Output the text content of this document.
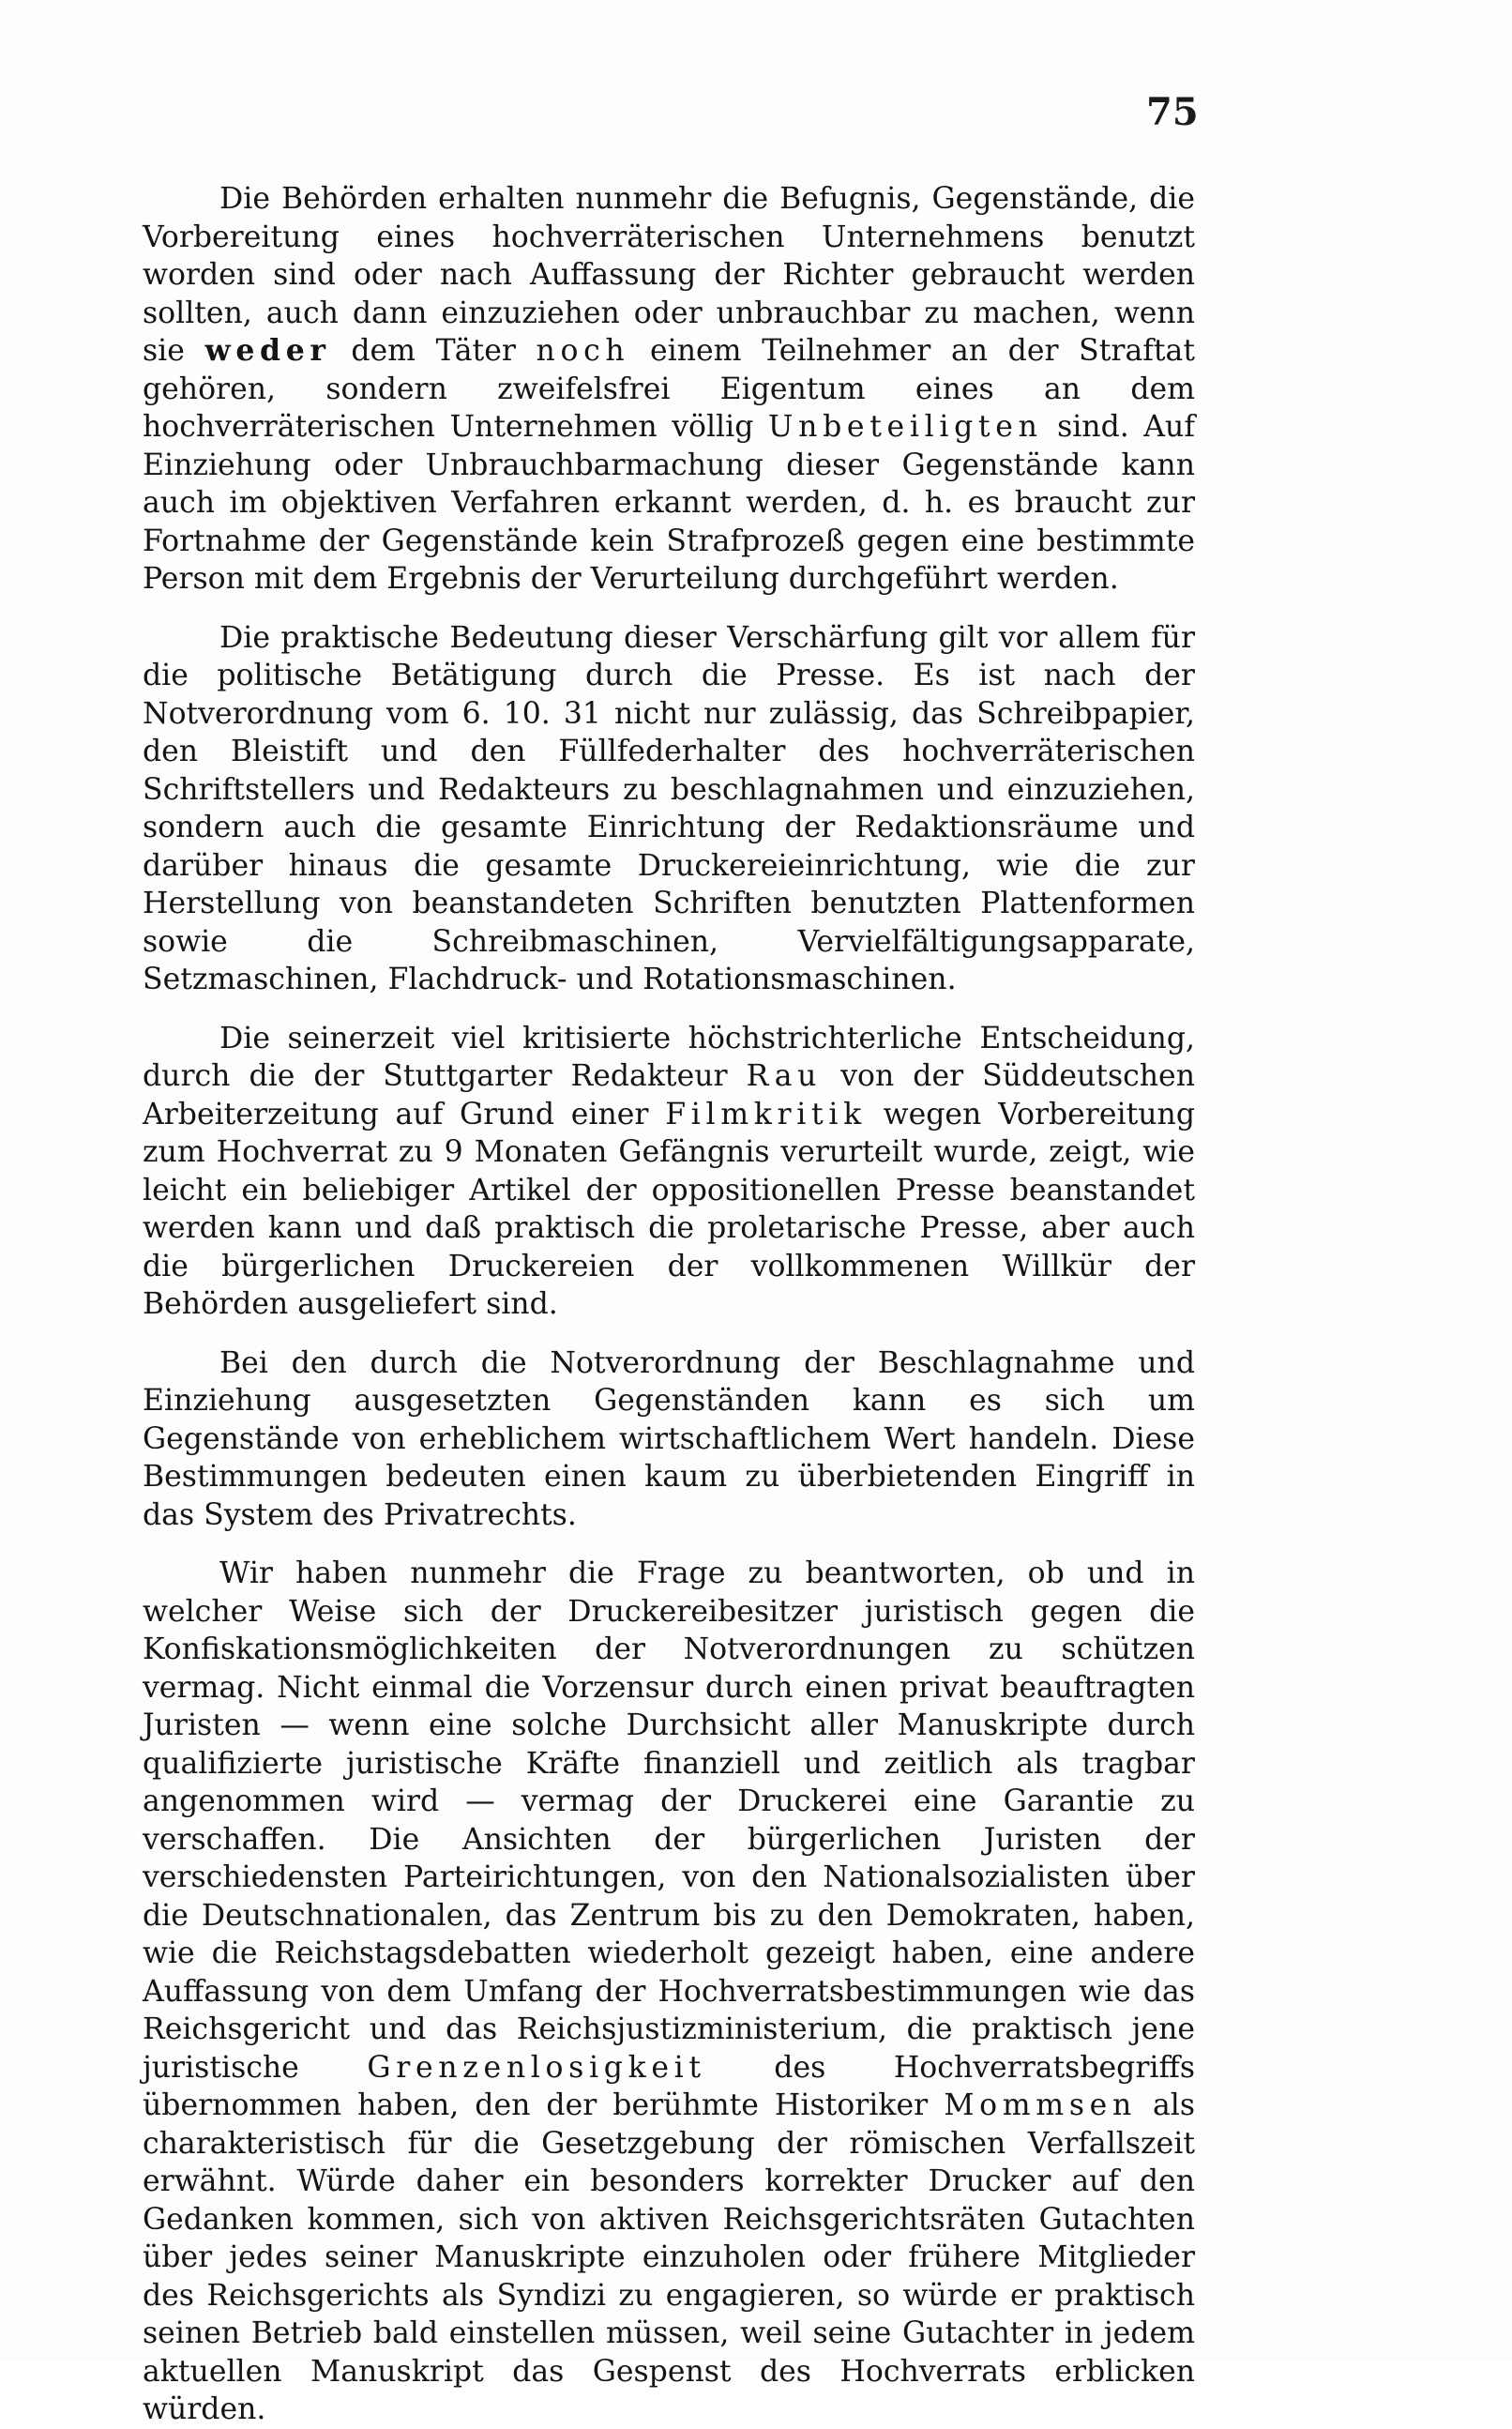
75

Die Behörden erhalten nunmehr die Befugnis, Gegenstände, die Vorbereitung eines hochverräterischen Unternehmens benutzt worden sind oder nach Auffassung der Richter gebraucht werden sollten, auch dann einzuziehen oder unbrauchbar zu machen, wenn sie weder dem Täter noch einem Teilnehmer an der Straftat gehören, sondern zweifelsfrei Eigentum eines an dem hochverräterischen Unternehmen völlig Unbeteiligten sind. Auf Einziehung oder Unbrauchbarmachung dieser Gegenstände kann auch im objektiven Verfahren erkannt werden, d. h. es braucht zur Fortnahme der Gegenstände kein Strafprozeß gegen eine bestimmte Person mit dem Ergebnis der Verurteilung durchgeführt werden.

Die praktische Bedeutung dieser Verschärfung gilt vor allem für die politische Betätigung durch die Presse. Es ist nach der Notverordnung vom 6. 10. 31 nicht nur zulässig, das Schreibpapier, den Bleistift und den Füllfederhalter des hochverräterischen Schriftstellers und Redakteurs zu beschlagnahmen und einzuziehen, sondern auch die gesamte Einrichtung der Redaktionsräume und darüber hinaus die gesamte Druckereieinrichtung, wie die zur Herstellung von beanstandeten Schriften benutzten Plattenformen sowie die Schreibmaschinen, Vervielfältigungsapparate, Setzmaschinen, Flachdruck- und Rotationsmaschinen.

Die seinerzeit viel kritisierte höchstrichterliche Entscheidung, durch die der Stuttgarter Redakteur Rau von der Süddeutschen Arbeiterzeitung auf Grund einer Filmkritik wegen Vorbereitung zum Hochverrat zu 9 Monaten Gefängnis verurteilt wurde, zeigt, wie leicht ein beliebiger Artikel der oppositionellen Presse beanstandet werden kann und daß praktisch die proletarische Presse, aber auch die bürgerlichen Druckereien der vollkommenen Willkür der Behörden ausgeliefert sind.

Bei den durch die Notverordnung der Beschlagnahme und Einziehung ausgesetzten Gegenständen kann es sich um Gegenstände von erheblichem wirtschaftlichem Wert handeln. Diese Bestimmungen bedeuten einen kaum zu überbietenden Eingriff in das System des Privatrechts.

Wir haben nunmehr die Frage zu beantworten, ob und in welcher Weise sich der Druckereibesitzer juristisch gegen die Konfiskationsmöglichkeiten der Notverordnungen zu schützen vermag. Nicht einmal die Vorzensur durch einen privat beauftragten Juristen — wenn eine solche Durchsicht aller Manuskripte durch qualifizierte juristische Kräfte finanziell und zeitlich als tragbar angenommen wird — vermag der Druckerei eine Garantie zu verschaffen. Die Ansichten der bürgerlichen Juristen der verschiedensten Parteirichtungen, von den Nationalsozialisten über die Deutschnationalen, das Zentrum bis zu den Demokraten, haben, wie die Reichstagsdebatten wiederholt gezeigt haben, eine andere Auffassung von dem Umfang der Hochverratsbestimmungen wie das Reichsgericht und das Reichsjustizministerium, die praktisch jene juristische Grenzenlosigkeit des Hochverratsbegriffs übernommen haben, den der berühmte Historiker Mommsen als charakteristisch für die Gesetzgebung der römischen Verfallszeit erwähnt. Würde daher ein besonders korrekter Drucker auf den Gedanken kommen, sich von aktiven Reichsgerichtsräten Gutachten über jedes seiner Manuskripte einzuholen oder frühere Mitglieder des Reichsgerichts als Syndizi zu engagieren, so würde er praktisch seinen Betrieb bald einstellen müssen, weil seine Gutachter in jedem aktuellen Manuskript das Gespenst des Hochverrats erblicken würden.
